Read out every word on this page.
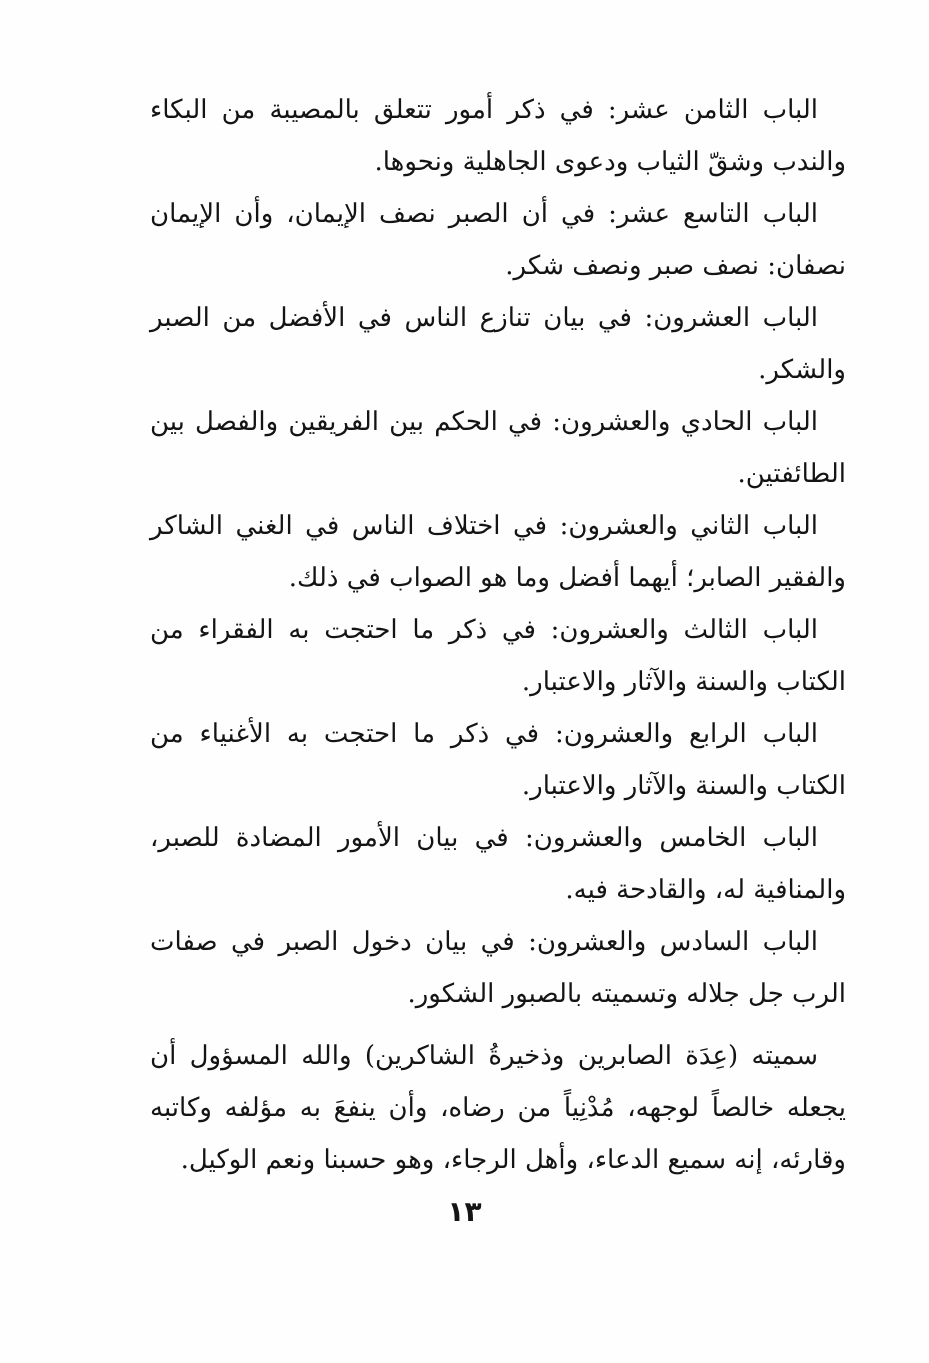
الباب الثامن عشر: في ذكر أمور تتعلق بالمصيبة من البكاء والندب وشقّ الثياب ودعوى الجاهلية ونحوها.

الباب التاسع عشر: في أن الصبر نصف الإيمان، وأن الإيمان نصفان: نصف صبر ونصف شكر.

الباب العشرون: في بيان تنازع الناس في الأفضل من الصبر والشكر.

الباب الحادي والعشرون: في الحكم بين الفريقين والفصل بين الطائفتين.

الباب الثاني والعشرون: في اختلاف الناس في الغني الشاكر والفقير الصابر؛ أيهما أفضل وما هو الصواب في ذلك.

الباب الثالث والعشرون: في ذكر ما احتجت به الفقراء من الكتاب والسنة والآثار والاعتبار.

الباب الرابع والعشرون: في ذكر ما احتجت به الأغنياء من الكتاب والسنة والآثار والاعتبار.

الباب الخامس والعشرون: في بيان الأمور المضادة للصبر، والمنافية له، والقادحة فيه.

الباب السادس والعشرون: في بيان دخول الصبر في صفات الرب جل جلاله وتسميته بالصبور الشكور.

سميته (عِدَة الصابرين وذخيرةُ الشاكرين) والله المسؤول أن يجعله خالصاً لوجهه، مُدْنِياً من رضاه، وأن ينفعَ به مؤلفه وكاتبه وقارئه، إنه سميع الدعاء، وأهل الرجاء، وهو حسبنا ونعم الوكيل.

١٣
